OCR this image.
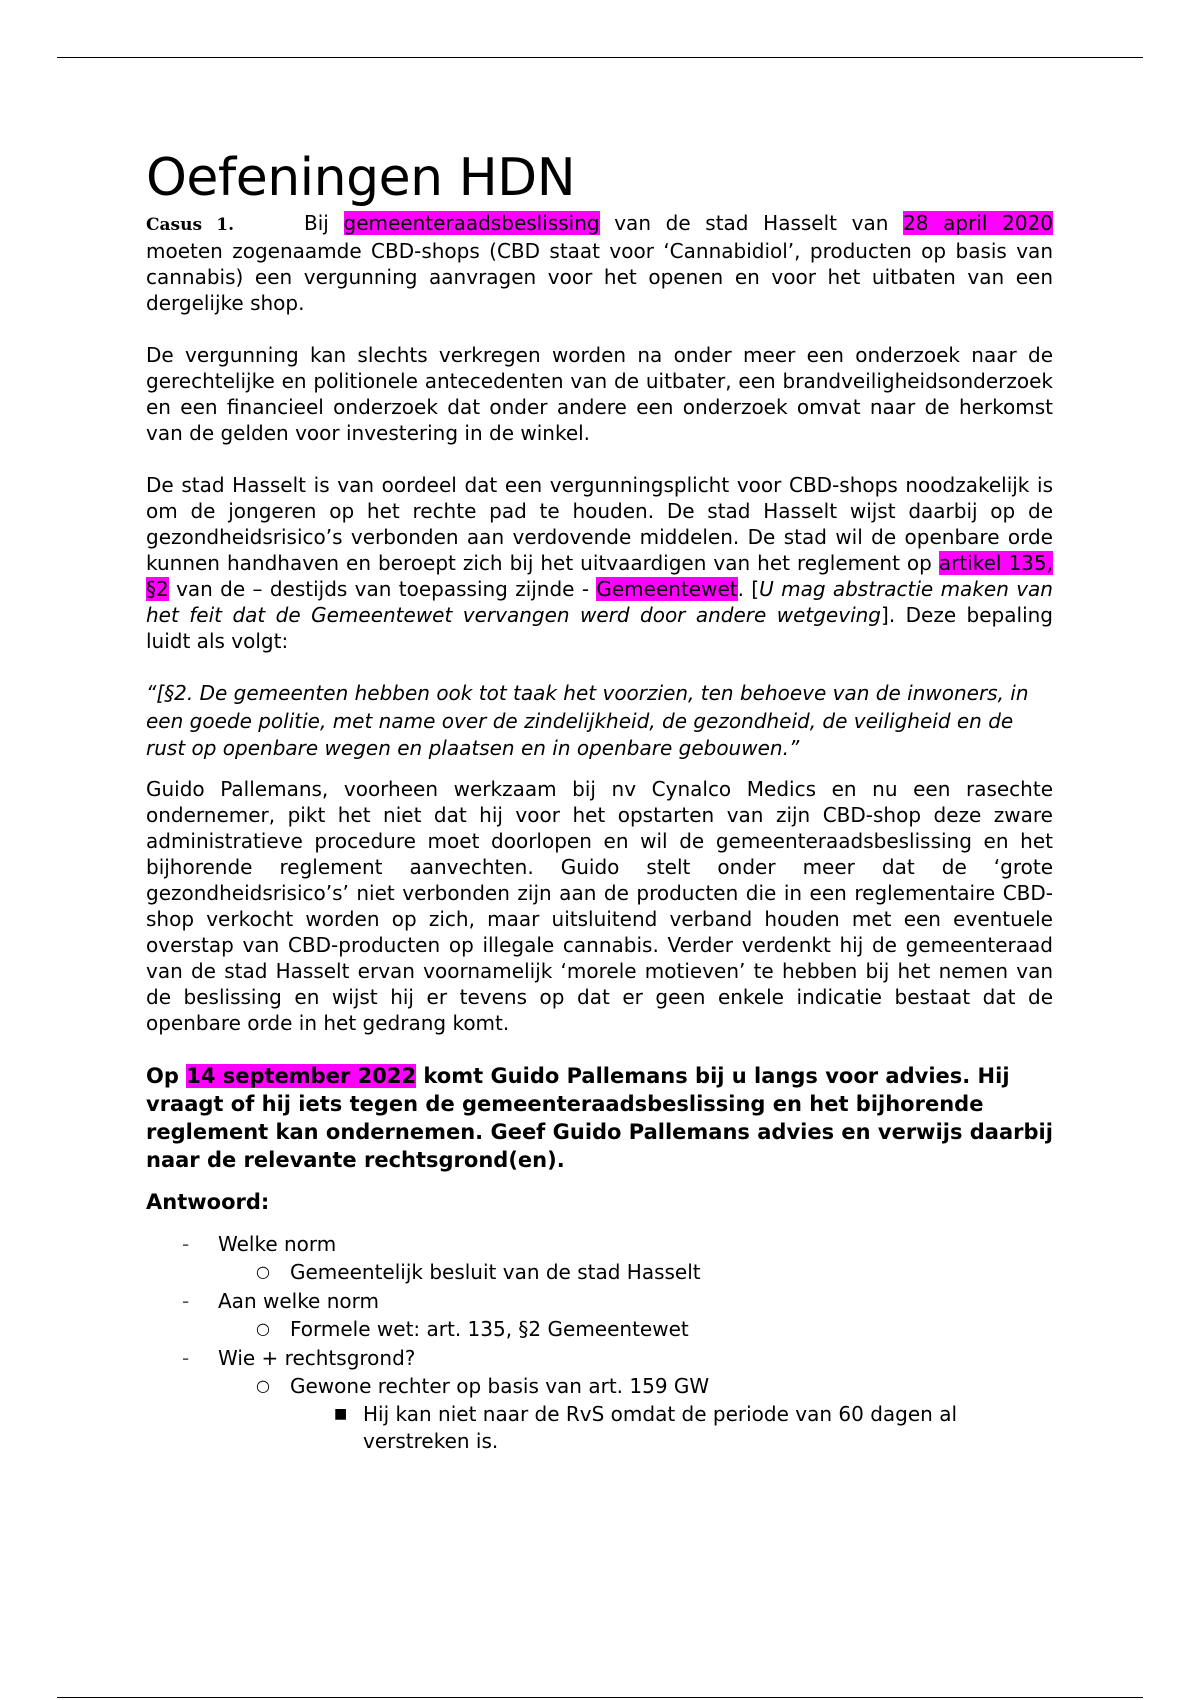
Oefeningen HDN

Casus 1.	Bij gemeenteraadsbeslissing van de stad Hasselt van 28 april 2020 moeten zogenaamde CBD-shops (CBD staat voor ‘Cannabidiol’, producten op basis van cannabis) een vergunning aanvragen voor het openen en voor het uitbaten van een dergelijke shop.

De vergunning kan slechts verkregen worden na onder meer een onderzoek naar de gerechtelijke en politionele antecedenten van de uitbater, een brandveiligheidsonderzoek en een financieel onderzoek dat onder andere een onderzoek omvat naar de herkomst van de gelden voor investering in de winkel.

De stad Hasselt is van oordeel dat een vergunningsplicht voor CBD-shops noodzakelijk is om de jongeren op het rechte pad te houden. De stad Hasselt wijst daarbij op de gezondheidsrisico’s verbonden aan verdovende middelen. De stad wil de openbare orde kunnen handhaven en beroept zich bij het uitvaardigen van het reglement op artikel 135, §2 van de – destijds van toepassing zijnde - Gemeentewet. [U mag abstractie maken van het feit dat de Gemeentewet vervangen werd door andere wetgeving]. Deze bepaling luidt als volgt:

“[§2. De gemeenten hebben ook tot taak het voorzien, ten behoeve van de inwoners, in een goede politie, met name over de zindelijkheid, de gezondheid, de veiligheid en de rust op openbare wegen en plaatsen en in openbare gebouwen.”

Guido Pallemans, voorheen werkzaam bij nv Cynalco Medics en nu een rasechte ondernemer, pikt het niet dat hij voor het opstarten van zijn CBD-shop deze zware administratieve procedure moet doorlopen en wil de gemeenteraadsbeslissing en het bijhorende reglement aanvechten. Guido stelt onder meer dat de ‘grote gezondheidsrisico’s’ niet verbonden zijn aan de producten die in een reglementaire CBD-shop verkocht worden op zich, maar uitsluitend verband houden met een eventuele overstap van CBD-producten op illegale cannabis. Verder verdenkt hij de gemeenteraad van de stad Hasselt ervan voornamelijk ‘morele motieven’ te hebben bij het nemen van de beslissing en wijst hij er tevens op dat er geen enkele indicatie bestaat dat de openbare orde in het gedrang komt.

Op 14 september 2022 komt Guido Pallemans bij u langs voor advies. Hij vraagt of hij iets tegen de gemeenteraadsbeslissing en het bijhorende reglement kan ondernemen. Geef Guido Pallemans advies en verwijs daarbij naar de relevante rechtsgrond(en).

Antwoord:

- Welke norm
○ Gemeentelijk besluit van de stad Hasselt
- Aan welke norm
○ Formele wet: art. 135, §2 Gemeentewet
- Wie + rechtsgrond?
○ Gewone rechter op basis van art. 159 GW
■ Hij kan niet naar de RvS omdat de periode van 60 dagen al verstreken is.
